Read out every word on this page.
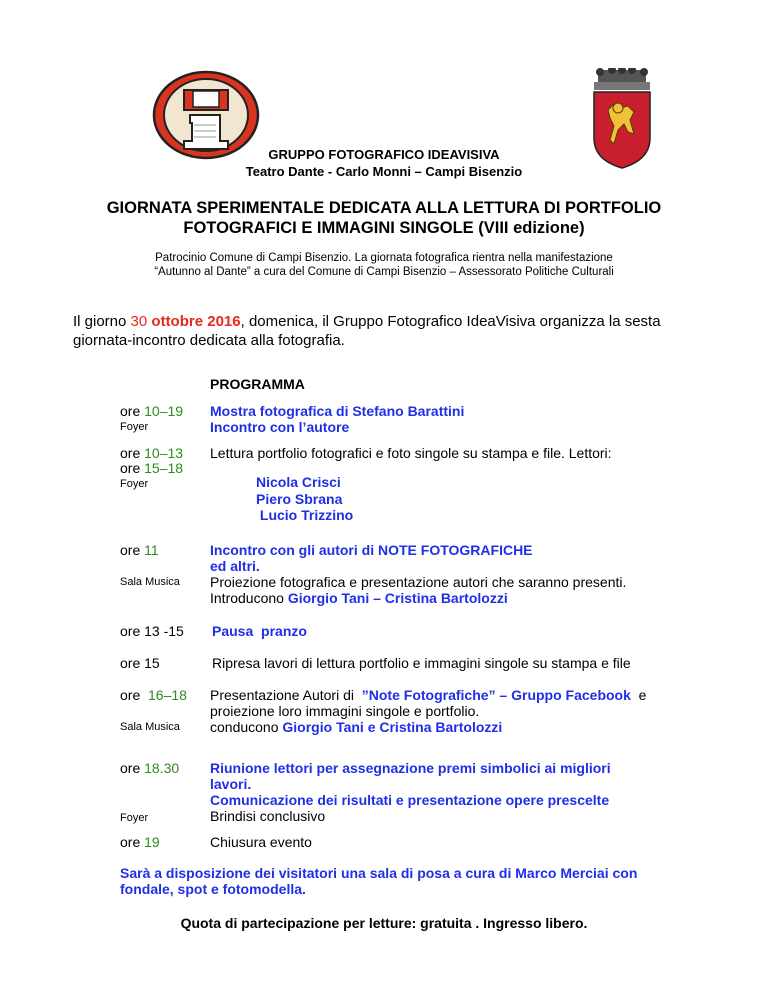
GRUPPO FOTOGRAFICO IDEAVISIVA
Teatro Dante - Carlo Monni – Campi Bisenzio
GIORNATA SPERIMENTALE DEDICATA ALLA LETTURA DI PORTFOLIO
FOTOGRAFICI E IMMAGINI SINGOLE (VIII edizione)
Patrocinio Comune di Campi Bisenzio. La giornata fotografica rientra nella manifestazione
“Autunno al Dante” a cura del Comune di Campi Bisenzio – Assessorato Politiche Culturali
Il giorno 30 ottobre 2016, domenica, il Gruppo Fotografico IdeaVisiva organizza la sesta
giornata-incontro dedicata alla fotografia.
PROGRAMMA
ore 10–19
Foyer
Mostra fotografica di Stefano Barattini
Incontro con l’autore
ore 10–13
ore 15–18
Foyer
Lettura portfolio fotografici e foto singole su stampa e file. Lettori:
Nicola Crisci
Piero Sbrana
Lucio Trizzino
ore 11
Sala Musica
Incontro con gli autori di NOTE FOTOGRAFICHE
ed altri.
Proiezione fotografica e presentazione autori che saranno presenti.
Introducono Giorgio Tani – Cristina Bartolozzi
ore 13 -15 Pausa  pranzo
ore 15	Ripresa lavori di lettura portfolio e immagini singole su stampa e file
ore  16–18
Sala Musica
Presentazione Autori di  ”Note Fotografiche” – Gruppo Facebook  e
proiezione loro immagini singole e portfolio.
conducono Giorgio Tani e Cristina Bartolozzi
ore 18.30
Foyer
Riunione lettori per assegnazione premi simbolici ai migliori
lavori.
Comunicazione dei risultati e presentazione opere prescelte
Brindisi conclusivo
ore 19	Chiusura evento
Sarà a disposizione dei visitatori una sala di posa a cura di Marco Merciai con
fondale, spot e fotomodella.
Quota di partecipazione per letture: gratuita . Ingresso libero.
